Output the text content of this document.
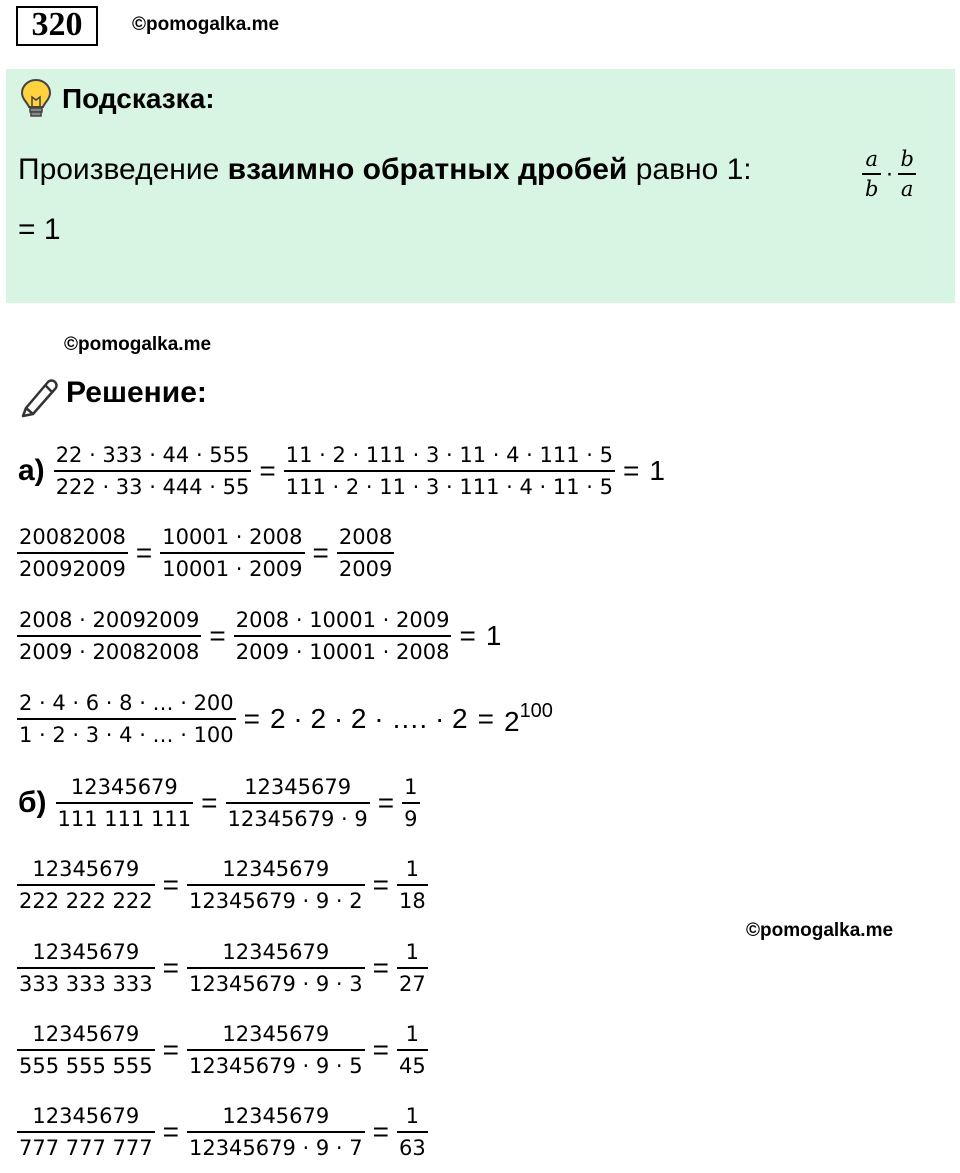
320	©pomogalka.me
Подсказка:
Произведение взаимно обратных дробей равно 1:	a
b
·
b
a
= 1
©pomogalka.me
Решение:
$а) \frac{22 \cdot 333 \cdot 44 \cdot 555}{222 \cdot 33 \cdot 444 \cdot 55} = \frac{11 \cdot 2 \cdot 111 \cdot 3 \cdot 11 \cdot 4 \cdot 111 \cdot 5}{111 \cdot 2 \cdot 11 \cdot 3 \cdot 111 \cdot 4 \cdot 11 \cdot 5} = 1$
$\frac{20082008}{20092009} = \frac{10001 \cdot 2008}{10001 \cdot 2009} = \frac{2008}{2009}$
$\frac{2008 \cdot 20092009}{2009 \cdot 20082008} = \frac{2008 \cdot 10001 \cdot 2009}{2009 \cdot 10001 \cdot 2008} = 1$
$\frac{2 \cdot 4 \cdot 6 \cdot 8 \cdot \dots \cdot 200}{1 \cdot 2 \cdot 3 \cdot 4 \cdot \dots \cdot 100} = 2 \cdot 2 \cdot 2$ · …. · $2 = 2^{100}$
$б) \frac{12345679}{111 111 111} = \frac{12345679}{12345679 \cdot 9} = \frac{1}{9}$
$\frac{12345679}{222 222 222} = \frac{12345679}{12345679 \cdot 9 \cdot 2} = \frac{1}{18}$
©pomogalka.me
$\frac{12345679}{333 333 333} = \frac{12345679}{12345679 \cdot 9 \cdot 3} = \frac{1}{27}$
$\frac{12345679}{555 555 555} = \frac{12345679}{12345679 \cdot 9 \cdot 5} = \frac{1}{45}$
$\frac{12345679}{777 777 777} = \frac{12345679}{12345679 \cdot 9 \cdot 7} = \frac{1}{63}$
